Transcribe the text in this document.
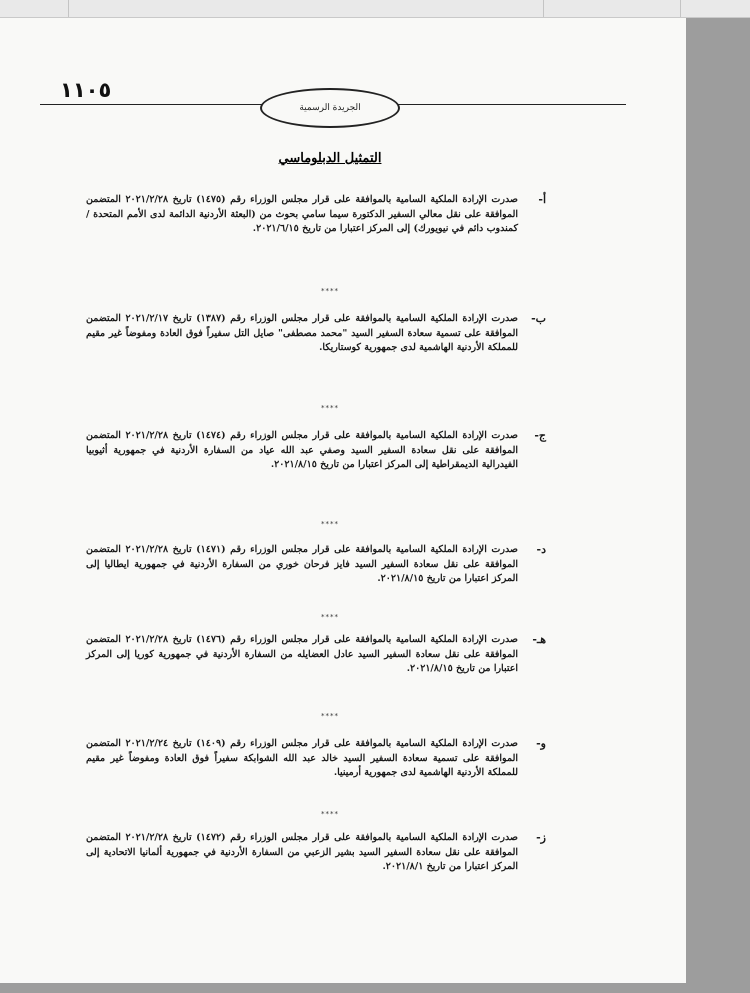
١١٠٥
الجريدة الرسمية
التمثيل الدبلوماسي
أ-
صدرت الإرادة الملكية السامية بالموافقة على قرار مجلس الوزراء رقم (١٤٧٥) تاريخ ٢٠٢١/٢/٢٨ المتضمن الموافقة على نقل معالي السفير الدكتورة سيما سامي بحوث من (البعثة الأردنية الدائمة لدى الأمم المتحدة / كمندوب دائم في نيويورك) إلى المركز اعتبارا من تاريخ ٢٠٢١/٦/١٥.
****
ب-
صدرت الإرادة الملكية السامية بالموافقة على قرار مجلس الوزراء رقم (١٣٨٧) تاريخ ٢٠٢١/٢/١٧ المتضمن الموافقة على تسمية سعادة السفير السيد "محمد مصطفى" صايل التل سفيراً فوق العادة ومفوضاً غير مقيم للمملكة الأردنية الهاشمية لدى جمهورية كوستاريكا.
****
ج-
صدرت الإرادة الملكية السامية بالموافقة على قرار مجلس الوزراء رقم (١٤٧٤) تاريخ ٢٠٢١/٢/٢٨ المتضمن الموافقة على نقل سعادة السفير السيد وصفي عبد الله عياد من السفارة الأردنية في جمهورية أثيوبيا الفيدرالية الديمقراطية إلى المركز اعتبارا من تاريخ ٢٠٢١/٨/١٥.
****
د-
صدرت الإرادة الملكية السامية بالموافقة على قرار مجلس الوزراء رقم (١٤٧١) تاريخ ٢٠٢١/٢/٢٨ المتضمن الموافقة على نقل سعادة السفير السيد فايز فرحان خوري من السفارة الأردنية في جمهورية ايطاليا إلى المركز اعتبارا من تاريخ ٢٠٢١/٨/١٥.
****
هـ-
صدرت الإرادة الملكية السامية بالموافقة على قرار مجلس الوزراء رقم (١٤٧٦) تاريخ ٢٠٢١/٢/٢٨ المتضمن الموافقة على نقل سعادة السفير السيد عادل العضايله من السفارة الأردنية في جمهورية كوريا إلى المركز اعتبارا من تاريخ ٢٠٢١/٨/١٥.
****
و-
صدرت الإرادة الملكية السامية بالموافقة على قرار مجلس الوزراء رقم (١٤٠٩) تاريخ ٢٠٢١/٢/٢٤ المتضمن الموافقة على تسمية سعادة السفير السيد خالد عبد الله الشوابكة سفيراً فوق العادة ومفوضاً غير مقيم للمملكة الأردنية الهاشمية لدى جمهورية أرمينيا.
****
ز-
صدرت الإرادة الملكية السامية بالموافقة على قرار مجلس الوزراء رقم (١٤٧٢) تاريخ ٢٠٢١/٢/٢٨ المتضمن الموافقة على نقل سعادة السفير السيد بشير الزعبي من السفارة الأردنية في جمهورية ألمانيا الاتحادية إلى المركز اعتبارا من تاريخ ٢٠٢١/٨/١.
